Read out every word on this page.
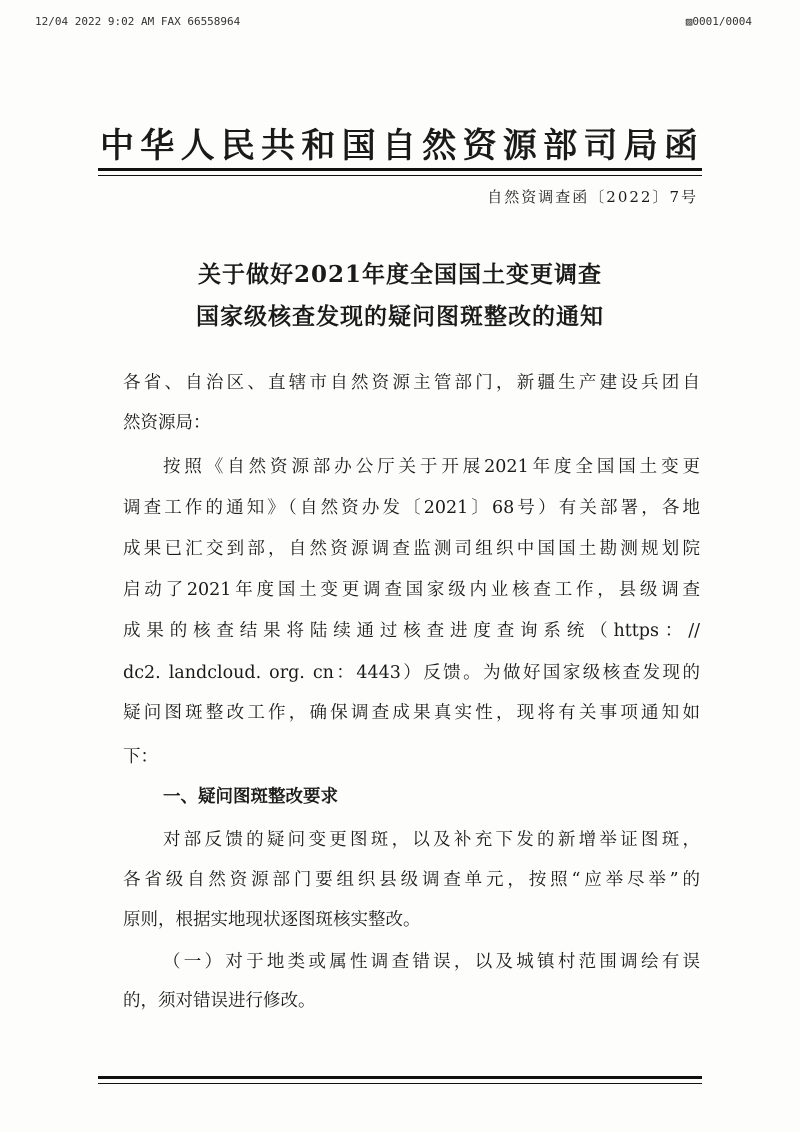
12/04 2022 9:02 AM FAX 66558964	▨0001/0004
中华人民共和国自然资源部司局函
自然资调查函〔2022〕7号
关于做好2021年度全国国土变更调查
国家级核查发现的疑问图斑整改的通知
各省、自治区、直辖市自然资源主管部门，新疆生产建设兵团自
然资源局：
按照《自然资源部办公厅关于开展2021年度全国国土变更
调查工作的通知》（自然资办发〔2021〕68号）有关部署，各地
成果已汇交到部，自然资源调查监测司组织中国国土勘测规划院
启动了2021年度国土变更调查国家级内业核查工作，县级调查
成果的核查结果将陆续通过核查进度查询系统（https：//
dc2. landcloud. org. cn：4443）反馈。为做好国家级核查发现的
疑问图斑整改工作，确保调查成果真实性，现将有关事项通知如
下：
一、疑问图斑整改要求
对部反馈的疑问变更图斑，以及补充下发的新增举证图斑，
各省级自然资源部门要组织县级调查单元，按照“应举尽举”的
原则，根据实地现状逐图斑核实整改。
（一）对于地类或属性调查错误，以及城镇村范围调绘有误
的，须对错误进行修改。
